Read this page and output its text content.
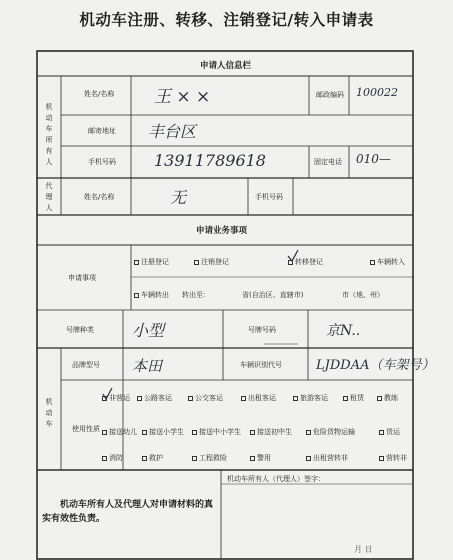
机动车注册、转移、注销登记/转入申请表
申请人信息栏
机动车所有人
姓名/名称 王 × ×	邮政编码 100022
邮寄地址 丰台区
手机号码 13911789618	固定电话 010—
代理人
姓名/名称	无	手机号码
申请业务事项
申请事项
注册登记	注销登记	转移登记	车辆转入
车辆转出 转出至：	省(自治区、直辖市)	市（地、州）
号牌种类 小型	号牌号码	京N..
机动车
品牌型号 本田	车辆识别代号	LJDDAA（车架号）
使用性质
非营运	公路客运	公交客运	出租客运	旅游客运	租赁	教练
接送幼儿	接送小学生	接送中小学生	接送初中生	危险货物运输	货运
消防	救护	工程救险	警用	出租营转非	营转非
机动车所有人及代理人对申请材料的真实有效性负责。
机动车所有人（代理人）签字：
月 日
